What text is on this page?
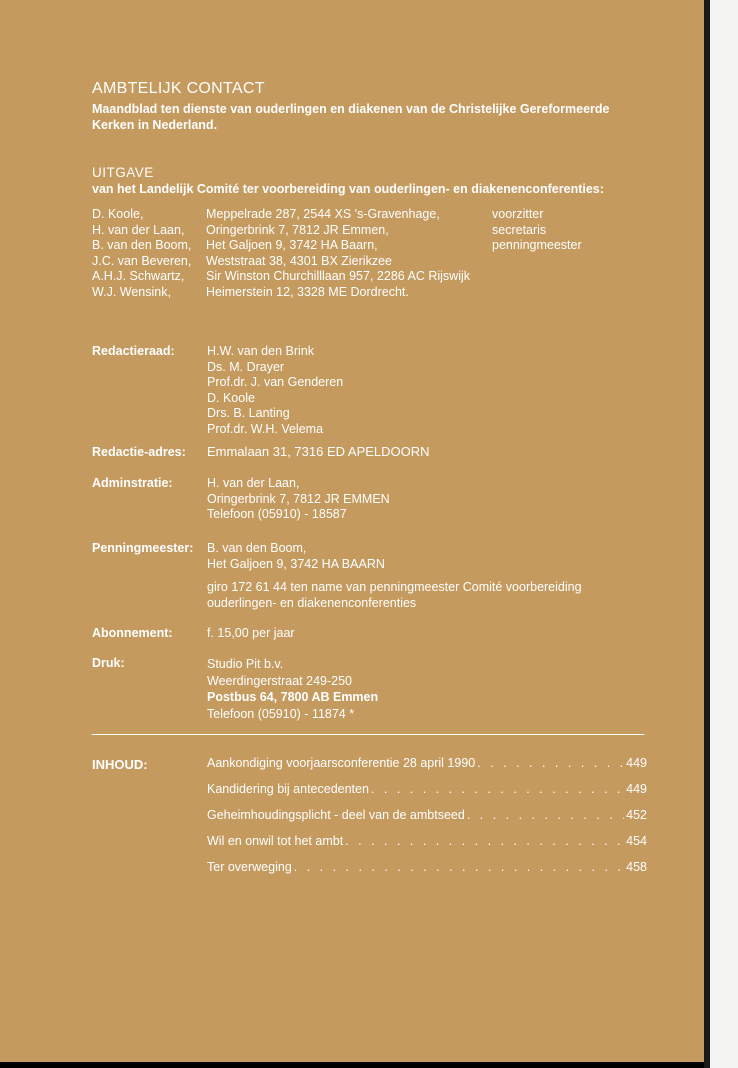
AMBTELIJK CONTACT
Maandblad ten dienste van ouderlingen en diakenen van de Christelijke Gereformeerde Kerken in Nederland.
UITGAVE
van het Landelijk Comité ter voorbereiding van ouderlingen- en diakenenconferenties:
D. Koole,	Meppelrade 287, 2544 XS 's-Gravenhage,	voorzitter
H. van der Laan, Oringerbrink 7, 7812 JR Emmen,	secretaris
B. van den Boom, Het Galjoen 9, 3742 HA Baarn,	penningmeester
J.C. van Beveren, Weststraat 38, 4301 BX Zierikzee
A.H.J. Schwartz, Sir Winston Churchilllaan 957, 2286 AC Rijswijk
W.J. Wensink,	Heimerstein 12, 3328 ME Dordrecht.
Redactieraad:	H.W. van den Brink
Ds. M. Drayer
Prof.dr. J. van Genderen
D. Koole
Drs. B. Lanting
Prof.dr. W.H. Velema
Redactie-adres: Emmalaan 31, 7316 ED APELDOORN
Adminstratie:	H. van der Laan,
Oringerbrink 7, 7812 JR EMMEN
Telefoon (05910) - 18587
Penningmeester: B. van den Boom,
Het Galjoen 9, 3742 HA BAARN
giro 172 61 44 ten name van penningmeester Comité voorbereiding ouderlingen- en diakenenconferenties
Abonnement:	f. 15,00 per jaar
Druk:	Studio Pit b.v.
Weerdingerstraat 249-250
Postbus 64, 7800 AB Emmen
Telefoon (05910) - 11874 *
INHOUD:	Aankondiging voorjaarsconferentie 28 april 1990 . . .	449
Kandidering bij antecedenten . . .	449
Geheimhoudingsplicht - deel van de ambtseed . . .	452
Wil en onwil tot het ambt . . .	454
Ter overweging . . .	458
